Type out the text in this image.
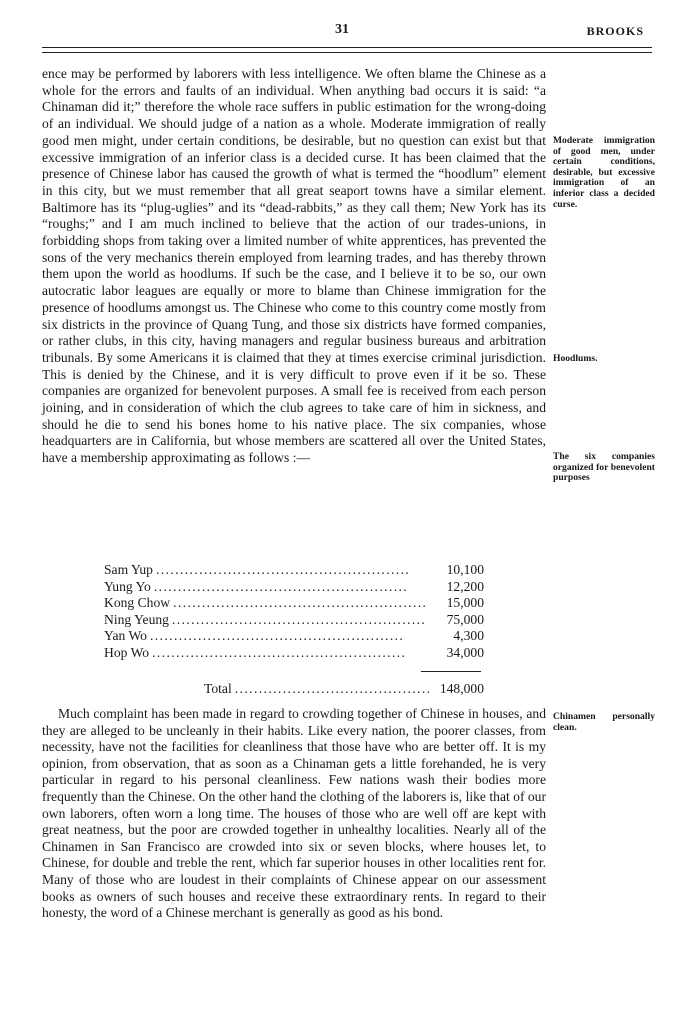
31	BROOKS

ence may be performed by laborers with less intelligence. We often blame the Chinese as a whole for the errors and faults of an individual. When anything bad occurs it is said: “a Chinaman did it;” therefore the whole race suffers in public estimation for the wrong-doing of an individual. We should judge of a nation as a whole. Moderate immigration of really good men might, under certain conditions, be desirable, but no question can exist but that excessive immigration of an inferior class is a decided curse. It has been claimed that the presence of Chinese labor has caused the growth of what is termed the “hoodlum” element in this city, but we must remember that all great seaport towns have a similar element. Baltimore has its “plug-uglies” and its “dead-rabbits,” as they call them; New York has its “roughs;” and I am much inclined to believe that the action of our trades-unions, in forbidding shops from taking over a limited number of white apprentices, has prevented the sons of the very mechanics therein employed from learning trades, and has thereby thrown them upon the world as hoodlums. If such be the case, and I believe it to be so, our own autocratic labor leagues are equally or more to blame than Chinese immigration for the presence of hoodlums amongst us. The Chinese who come to this country come mostly from six districts in the province of Quang Tung, and those six districts have formed companies, or rather clubs, in this city, having managers and regular business bureaus and arbitration tribunals. By some Americans it is claimed that they at times exercise criminal jurisdiction. This is denied by the Chinese, and it is very difficult to prove even if it be so. These companies are organized for benevolent purposes. A small fee is received from each person joining, and in consideration of which the club agrees to take care of him in sickness, and should he die to send his bones home to his native place. The six companies, whose headquarters are in California, but whose members are scattered all over the United States, have a membership approximating as follows :—

Sam Yup . . .	10,100
Yung Yo . . .	12,200
Kong Chow . . .	15,000
Ning Yeung . . .	75,000
Yan Wo . . .	4,300
Hop Wo . . .	34,000
Total . . .	148,000

Much complaint has been made in regard to crowding together of Chinese in houses, and they are alleged to be uncleanly in their habits. Like every nation, the poorer classes, from necessity, have not the facilities for cleanliness that those have who are better off. It is my opinion, from observation, that as soon as a Chinaman gets a little forehanded, he is very particular in regard to his personal cleanliness. Few nations wash their bodies more frequently than the Chinese. On the other hand the clothing of the laborers is, like that of our own laborers, often worn a long time. The houses of those who are well off are kept with great neatness, but the poor are crowded together in unhealthy localities. Nearly all of the Chinamen in San Francisco are crowded into six or seven blocks, where houses let, to Chinese, for double and treble the rent, which far superior houses in other localities rent for. Many of those who are loudest in their complaints of Chinese appear on our assessment books as owners of such houses and receive these extraordinary rents. In regard to their honesty, the word of a Chinese merchant is generally as good as his bond.

Moderate immigration of good men, under certain conditions, desirable, but excessive immigration of an inferior class a decided curse.
Hoodlums.
The six companies organized for benevolent purposes
Chinamen personally clean.
